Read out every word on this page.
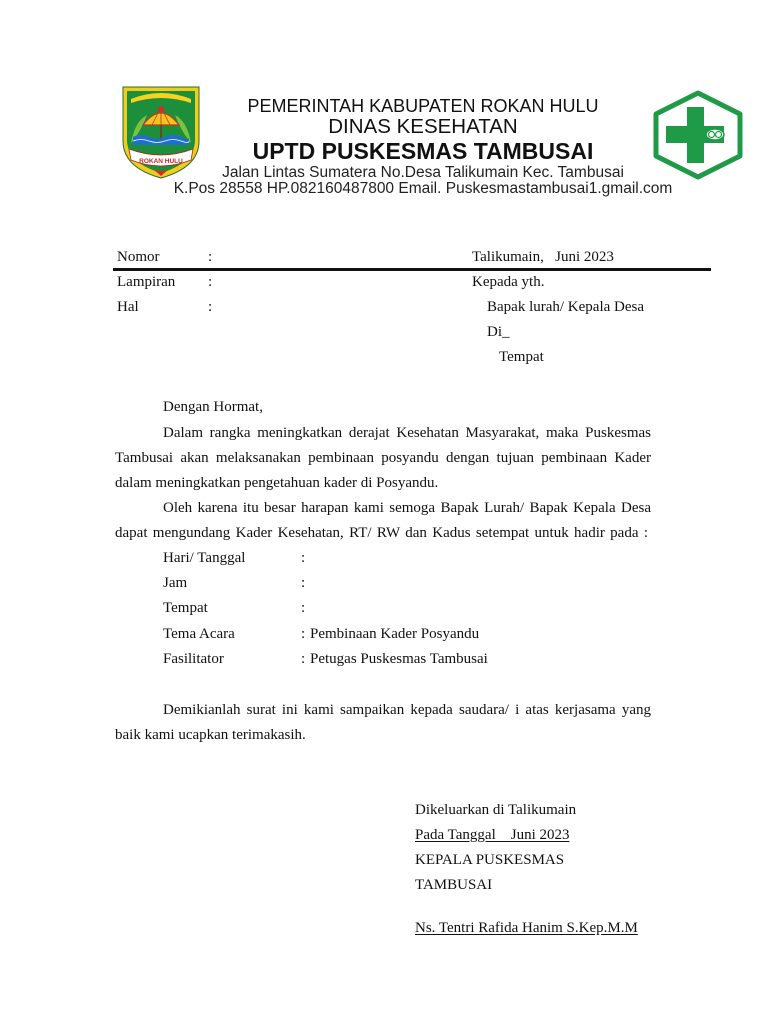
ROKAN HULU
PEMERINTAH KABUPATEN ROKAN HULU
DINAS KESEHATAN
UPTD PUSKESMAS TAMBUSAI
Jalan Lintas Sumatera No.Desa Talikumain Kec. Tambusai
K.Pos 28558 HP.082160487800 Email. Puskesmastambusai1.gmail.com
Nomor	:	Talikumain,   Juni 2023
Lampiran :	Kepada yth.
Hal	:	Bapak lurah/ Kepala Desa
Di_
Tempat
Dengan Hormat,
Dalam rangka meningkatkan derajat Kesehatan Masyarakat, maka Puskesmas
Tambusai akan melaksanakan pembinaan posyandu dengan tujuan pembinaan Kader
dalam meningkatkan pengetahuan kader di Posyandu.
Oleh karena itu besar harapan kami semoga Bapak Lurah/ Bapak Kepala Desa
dapat mengundang Kader Kesehatan, RT/ RW dan Kadus setempat untuk hadir pada :
Hari/ Tanggal	:
Jam	:
Tempat	:
Tema Acara	: Pembinaan Kader Posyandu
Fasilitator	: Petugas Puskesmas Tambusai
Demikianlah surat ini kami sampaikan kepada saudara/ i atas kerjasama yang
baik kami ucapkan terimakasih.
Dikeluarkan di Talikumain
Pada Tanggal    Juni 2023
KEPALA PUSKESMAS
TAMBUSAI
Ns. Tentri Rafida Hanim S.Kep.M.M
